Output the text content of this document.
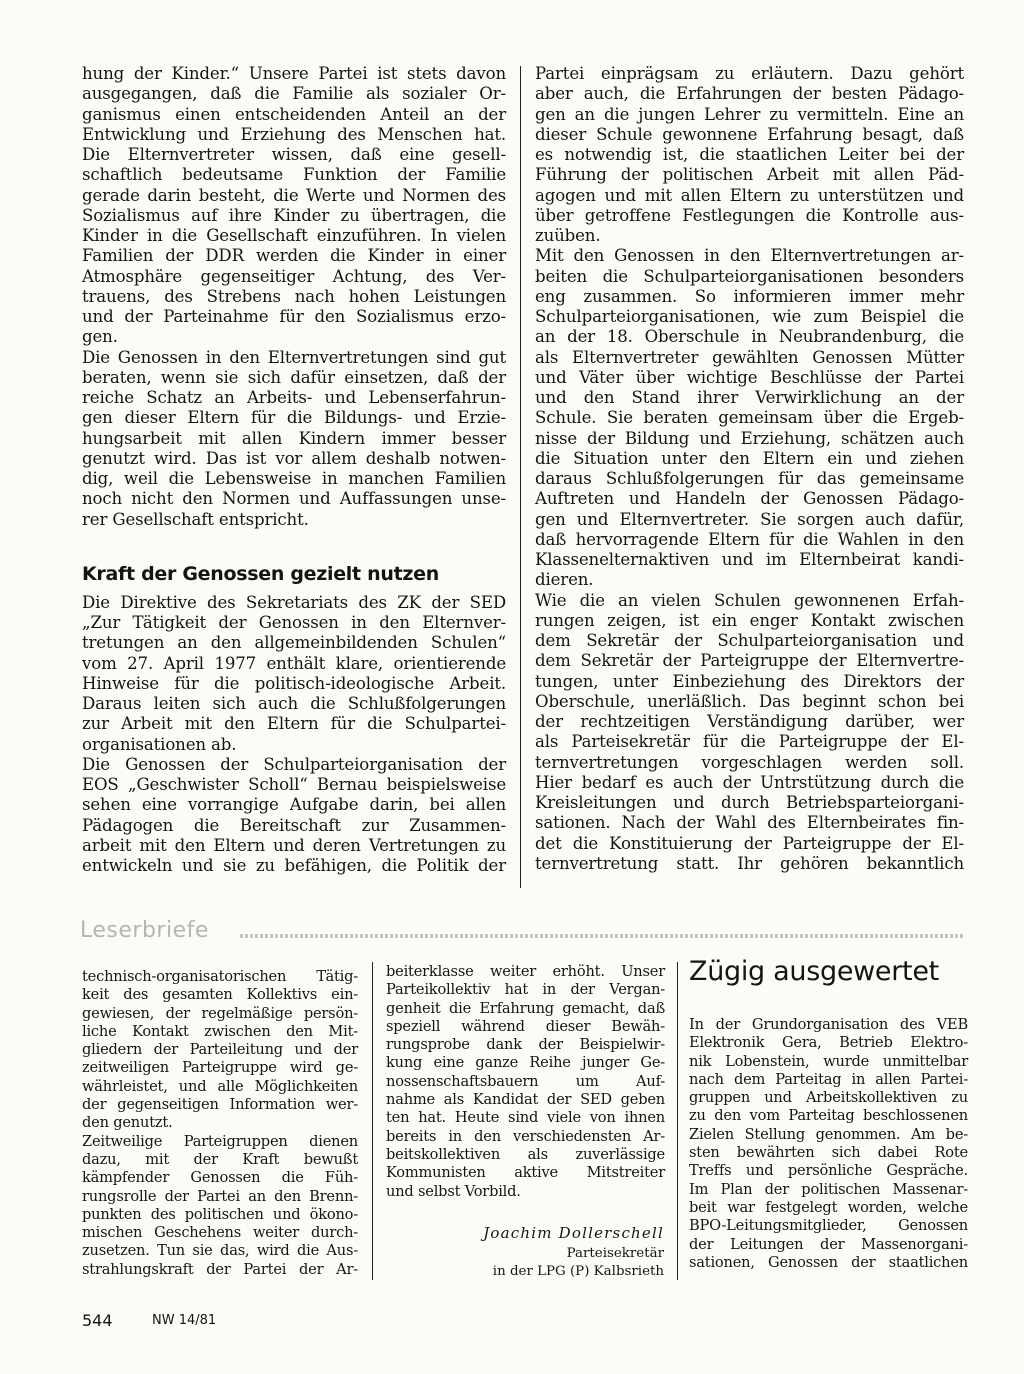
hung der Kinder.“ Unsere Partei ist stets davon
ausgegangen, daß die Familie als sozialer Or-
ganismus einen entscheidenden Anteil an der
Entwicklung und Erziehung des Menschen hat.
Die Elternvertreter wissen, daß eine gesell-
schaftlich bedeutsame Funktion der Familie
gerade darin besteht, die Werte und Normen des
Sozialismus auf ihre Kinder zu übertragen, die
Kinder in die Gesellschaft einzuführen. In vielen
Familien der DDR werden die Kinder in einer
Atmosphäre gegenseitiger Achtung, des Ver-
trauens, des Strebens nach hohen Leistungen
und der Parteinahme für den Sozialismus erzo-
gen.
Die Genossen in den Elternvertretungen sind gut
beraten, wenn sie sich dafür einsetzen, daß der
reiche Schatz an Arbeits- und Lebenserfahrun-
gen dieser Eltern für die Bildungs- und Erzie-
hungsarbeit mit allen Kindern immer besser
genutzt wird. Das ist vor allem deshalb notwen-
dig, weil die Lebensweise in manchen Familien
noch nicht den Normen und Auffassungen unse-
rer Gesellschaft entspricht.
Die Direktive des Sekretariats des ZK der SED
„Zur Tätigkeit der Genossen in den Elternver-
tretungen an den allgemeinbildenden Schulen“
vom 27. April 1977 enthält klare, orientierende
Hinweise für die politisch-ideologische Arbeit.
Daraus leiten sich auch die Schlußfolgerungen
zur Arbeit mit den Eltern für die Schulpartei-
organisationen ab.
Die Genossen der Schulparteiorganisation der
EOS „Geschwister Scholl“ Bernau beispielsweise
sehen eine vorrangige Aufgabe darin, bei allen
Pädagogen die Bereitschaft zur Zusammen-
arbeit mit den Eltern und deren Vertretungen zu
entwickeln und sie zu befähigen, die Politik der
Kraft der Genossen gezielt nutzen
Partei einprägsam zu erläutern. Dazu gehört
aber auch, die Erfahrungen der besten Pädago-
gen an die jungen Lehrer zu vermitteln. Eine an
dieser Schule gewonnene Erfahrung besagt, daß
es notwendig ist, die staatlichen Leiter bei der
Führung der politischen Arbeit mit allen Päd-
agogen und mit allen Eltern zu unterstützen und
über getroffene Festlegungen die Kontrolle aus-
zuüben.
Mit den Genossen in den Elternvertretungen ar-
beiten die Schulparteiorganisationen besonders
eng zusammen. So informieren immer mehr
Schulparteiorganisationen, wie zum Beispiel die
an der 18. Oberschule in Neubrandenburg, die
als Elternvertreter gewählten Genossen Mütter
und Väter über wichtige Beschlüsse der Partei
und den Stand ihrer Verwirklichung an der
Schule. Sie beraten gemeinsam über die Ergeb-
nisse der Bildung und Erziehung, schätzen auch
die Situation unter den Eltern ein und ziehen
daraus Schlußfolgerungen für das gemeinsame
Auftreten und Handeln der Genossen Pädago-
gen und Elternvertreter. Sie sorgen auch dafür,
daß hervorragende Eltern für die Wahlen in den
Klassenelternaktiven und im Elternbeirat kandi-
dieren.
Wie die an vielen Schulen gewonnenen Erfah-
rungen zeigen, ist ein enger Kontakt zwischen
dem Sekretär der Schulparteiorganisation und
dem Sekretär der Parteigruppe der Elternvertre-
tungen, unter Einbeziehung des Direktors der
Oberschule, unerläßlich. Das beginnt schon bei
der rechtzeitigen Verständigung darüber, wer
als Parteisekretär für die Parteigruppe der El-
ternvertretungen vorgeschlagen werden soll.
Hier bedarf es auch der Untrstützung durch die
Kreisleitungen und durch Betriebsparteiorgani-
sationen. Nach der Wahl des Elternbeirates fin-
det die Konstituierung der Parteigruppe der El-
ternvertretung statt. Ihr gehören bekanntlich
Leserbriefe
technisch-organisatorischen Tätig-
keit des gesamten Kollektivs ein-
gewiesen, der regelmäßige persön-
liche Kontakt zwischen den Mit-
gliedern der Parteileitung und der
zeitweiligen Parteigruppe wird ge-
währleistet, und alle Möglichkeiten
der gegenseitigen Information wer-
den genutzt.
Zeitweilige Parteigruppen dienen
dazu, mit der Kraft bewußt
kämpfender Genossen die Füh-
rungsrolle der Partei an den Brenn-
punkten des politischen und ökono-
mischen Geschehens weiter durch-
zusetzen. Tun sie das, wird die Aus-
strahlungskraft der Partei der Ar-
beiterklasse weiter erhöht. Unser
Parteikollektiv hat in der Vergan-
genheit die Erfahrung gemacht, daß
speziell während dieser Bewäh-
rungsprobe dank der Beispielwir-
kung eine ganze Reihe junger Ge-
nossenschaftsbauern um Auf-
nahme als Kandidat der SED geben
ten hat. Heute sind viele von ihnen
bereits in den verschiedensten Ar-
beitskollektiven als zuverlässige
Kommunisten aktive Mitstreiter
und selbst Vorbild.
Joachim Dollerschell
Parteisekretär
in der LPG (P) Kalbsrieth
Zügig ausgewertet
In der Grundorganisation des VEB
Elektronik Gera, Betrieb Elektro-
nik Lobenstein, wurde unmittelbar
nach dem Parteitag in allen Partei-
gruppen und Arbeitskollektiven zu
zu den vom Parteitag beschlossenen
Zielen Stellung genommen. Am be-
sten bewährten sich dabei Rote
Treffs und persönliche Gespräche.
Im Plan der politischen Massenar-
beit war festgelegt worden, welche
BPO-Leitungsmitglieder, Genossen
der Leitungen der Massenorgani-
sationen, Genossen der staatlichen
544	NW 14/81
